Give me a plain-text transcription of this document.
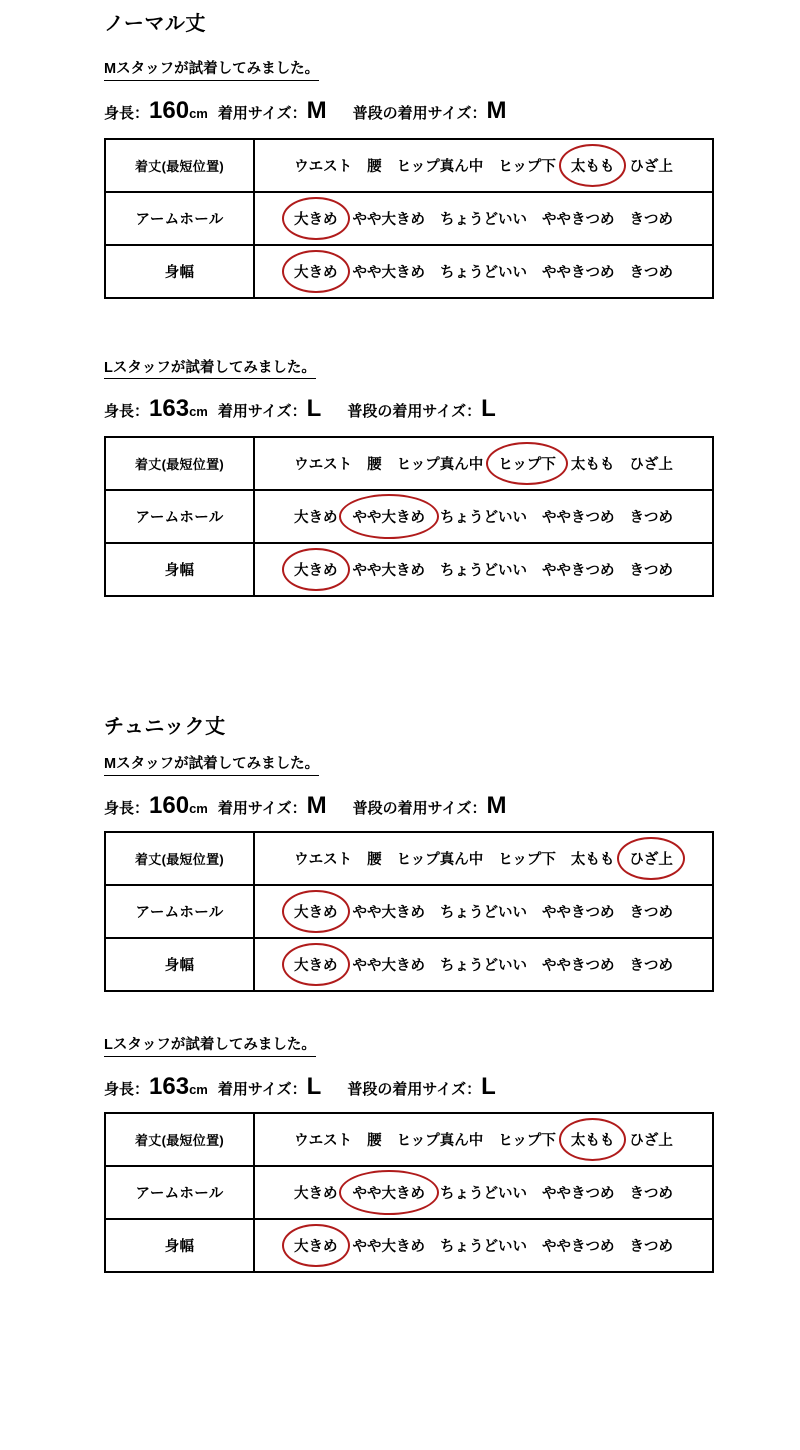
ノーマル丈
Mスタッフが試着してみました。
身長：160cm 着用サイズ：M 普段の着用サイズ：M
着丈(最短位置)	ウエスト 腰 ヒップ真ん中 ヒップ下 太もも ひざ上
アームホール	大きめ やや大きめ ちょうどいい ややきつめ きつめ
身幅	大きめ やや大きめ ちょうどいい ややきつめ きつめ
Lスタッフが試着してみました。
身長：163cm 着用サイズ：L 普段の着用サイズ：L
着丈(最短位置)	ウエスト 腰 ヒップ真ん中 ヒップ下 太もも ひざ上
アームホール	大きめ やや大きめ ちょうどいい ややきつめ きつめ
身幅	大きめ やや大きめ ちょうどいい ややきつめ きつめ
チュニック丈
Mスタッフが試着してみました。
身長：160cm 着用サイズ：M 普段の着用サイズ：M
着丈(最短位置)	ウエスト 腰 ヒップ真ん中 ヒップ下 太もも ひざ上
アームホール	大きめ やや大きめ ちょうどいい ややきつめ きつめ
身幅	大きめ やや大きめ ちょうどいい ややきつめ きつめ
Lスタッフが試着してみました。
身長：163cm 着用サイズ：L 普段の着用サイズ：L
着丈(最短位置)	ウエスト 腰 ヒップ真ん中 ヒップ下 太もも ひざ上
アームホール	大きめ やや大きめ ちょうどいい ややきつめ きつめ
身幅	大きめ やや大きめ ちょうどいい ややきつめ きつめ
